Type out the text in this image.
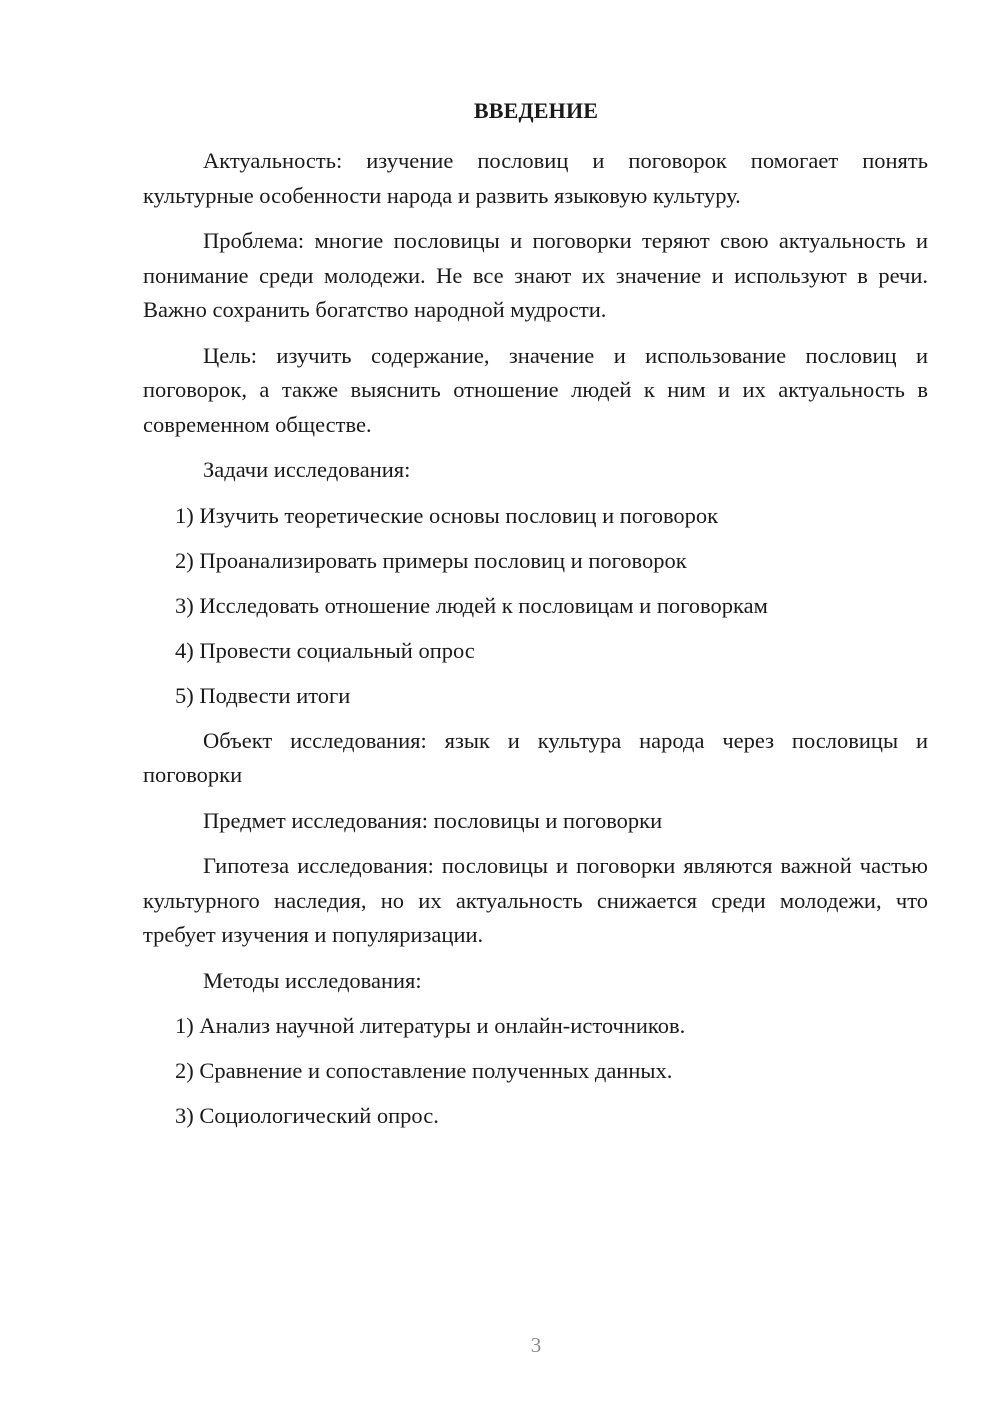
ВВЕДЕНИЕ

Актуальность: изучение пословиц и поговорок помогает понять культурные особенности народа и развить языковую культуру.

Проблема: многие пословицы и поговорки теряют свою актуальность и понимание среди молодежи. Не все знают их значение и используют в речи. Важно сохранить богатство народной мудрости.

Цель: изучить содержание, значение и использование пословиц и поговорок, а также выяснить отношение людей к ним и их актуальность в современном обществе.

Задачи исследования:

1) Изучить теоретические основы пословиц и поговорок
2) Проанализировать примеры пословиц и поговорок
3) Исследовать отношение людей к пословицам и поговоркам
4) Провести социальный опрос
5) Подвести итоги

Объект исследования: язык и культура народа через пословицы и поговорки

Предмет исследования: пословицы и поговорки

Гипотеза исследования: пословицы и поговорки являются важной частью культурного наследия, но их актуальность снижается среди молодежи, что требует изучения и популяризации.

Методы исследования:

1) Анализ научной литературы и онлайн-источников.
2) Сравнение и сопоставление полученных данных.
3) Социологический опрос.
3
